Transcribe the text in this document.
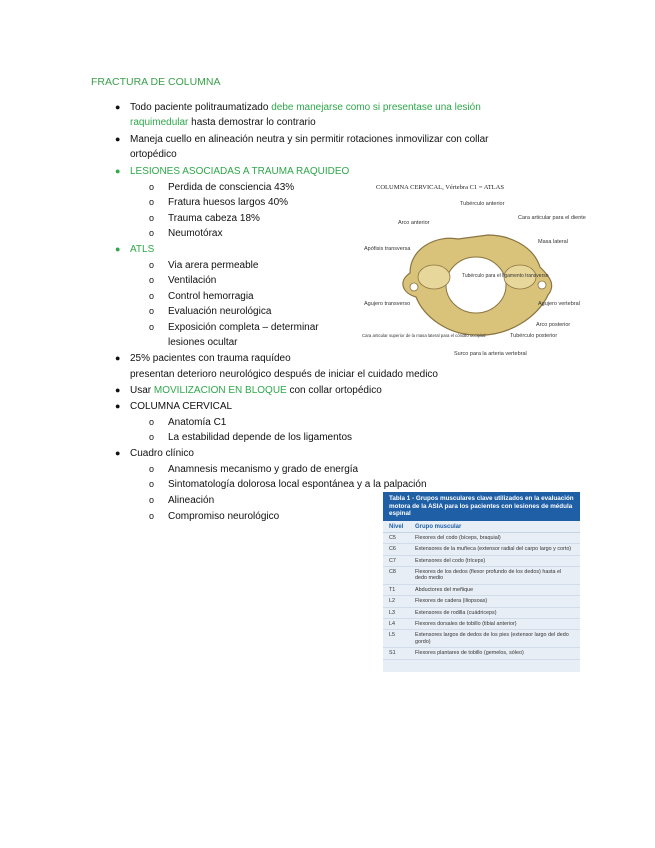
FRACTURA DE COLUMNA
● Todo paciente politraumatizado debe manejarse como si presentase una lesión
raquimedular hasta demostrar lo contrario
● Maneja cuello en alineación neutra y sin permitir rotaciones inmovilizar con collar
ortopédico
● LESIONES ASOCIADAS A TRAUMA RAQUIDEO
o Perdida de consciencia 43%
o Fratura huesos largos 40%
o Trauma cabeza 18%
o Neumotórax
● ATLS
o Via arera permeable
o Ventilación
o Control hemorragia
o Evaluación neurológica
o Exposición completa – determinar
lesiones ocultar
● 25% pacientes con trauma raquídeo
presentan deterioro neurológico después de iniciar el cuidado medico
● Usar MOVILIZACION EN BLOQUE con collar ortopédico
● COLUMNA CERVICAL
o Anatomía C1
o La estabilidad depende de los ligamentos
● Cuadro clínico
o Anamnesis mecanismo y grado de energía
o Sintomatología dolorosa local espontánea y a la palpación
o Alineación
o Compromiso neurológico
COLUMNA CERVICAL, Vértebra C1 = ATLAS
Tubérculo anterior
Arco anterior
Cara articular para el diente
Masa lateral
Apófisis transversa
Tubérculo para el ligamento transverso
Agujero vertebral
Agujero transverso
Arco posterior
Tubérculo posterior
Cara articular superior de la masa lateral para el cóndilo occipital
Surco para la arteria vertebral
Tabla 1 - Grupos musculares clave utilizados en la evaluación motora de la ASIA para los pacientes con lesiones de médula espinal
Nivel	Grupo muscular
C5	Flexores del codo (bíceps, braquial)
C6	Extensores de la muñeca (extensor radial del carpo largo y corto)
C7	Extensores del codo (tríceps)
C8	Flexores de los dedos (flexor profundo de los dedos) hasta el dedo medio
T1	Abductores del meñique
L2	Flexores de cadera (iliopsoas)
L3	Extensores de rodilla (cuádriceps)
L4	Flexores dorsales de tobillo (tibial anterior)
L5	Extensores largos de dedos de los pies (extensor largo del dedo gordo)
S1	Flexores plantares de tobillo (gemelos, sóleo)
